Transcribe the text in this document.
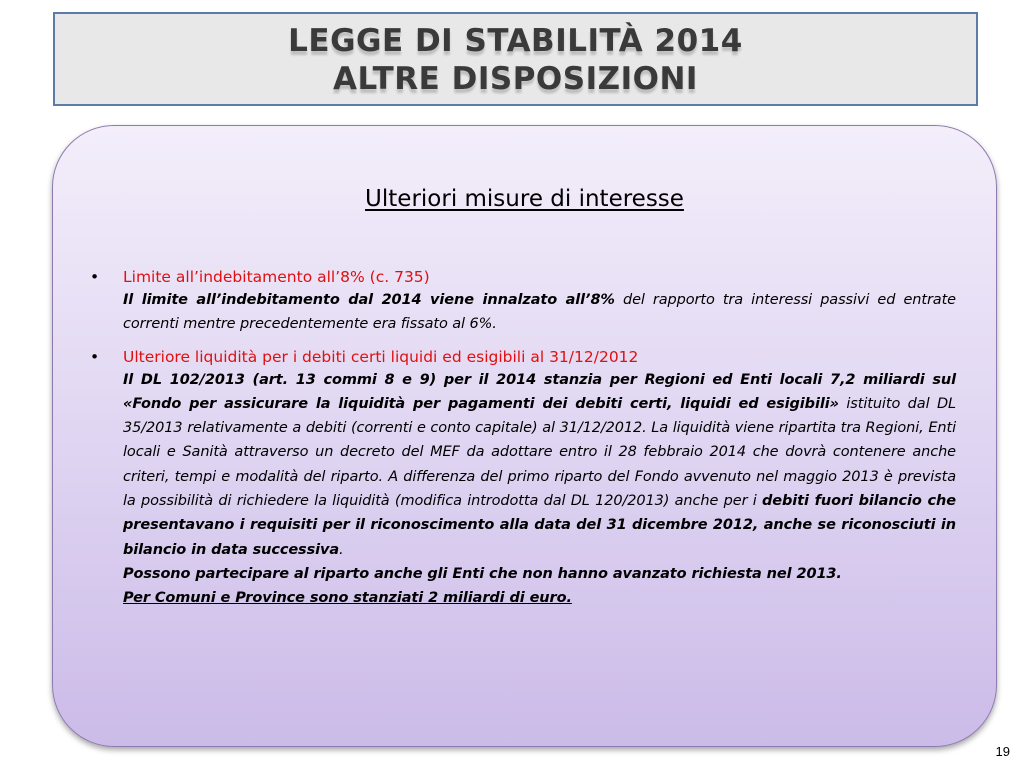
LEGGE DI STABILITÀ 2014
ALTRE DISPOSIZIONI
Ulteriori misure di interesse
• Limite all’indebitamento all’8% (c. 735)
Il limite all’indebitamento dal 2014 viene innalzato all’8% del rapporto tra interessi passivi ed entrate correnti mentre precedentemente era fissato al 6%.
• Ulteriore liquidità per i debiti certi liquidi ed esigibili al 31/12/2012
Il DL 102/2013 (art. 13 commi 8 e 9) per il 2014 stanzia per Regioni ed Enti locali 7,2 miliardi sul «Fondo per assicurare la liquidità per pagamenti dei debiti certi, liquidi ed esigibili» istituito dal DL 35/2013 relativamente a debiti (correnti e conto capitale) al 31/12/2012. La liquidità viene ripartita tra Regioni, Enti locali e Sanità attraverso un decreto del MEF da adottare entro il 28 febbraio 2014 che dovrà contenere anche criteri, tempi e modalità del riparto. A differenza del primo riparto del Fondo avvenuto nel maggio 2013 è prevista la possibilità di richiedere la liquidità (modifica introdotta dal DL 120/2013) anche per i debiti fuori bilancio che presentavano i requisiti per il riconoscimento alla data del 31 dicembre 2012, anche se riconosciuti in bilancio in data successiva.
Possono partecipare al riparto anche gli Enti che non hanno avanzato richiesta nel 2013.
Per Comuni e Province sono stanziati 2 miliardi di euro.
19
